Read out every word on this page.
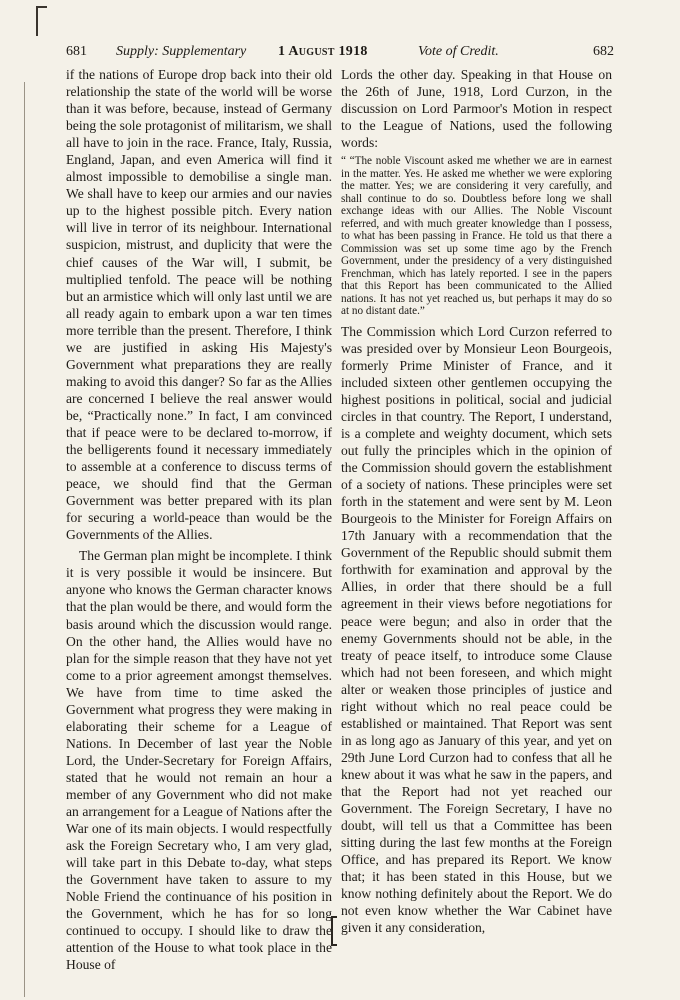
681 Supply: Supplementary 1 August 1918	Vote of Credit.	682

if the nations of Europe drop back into their old relationship the state of the world will be worse than it was before, because, instead of Germany being the sole protagonist of militarism, we shall all have to join in the race. France, Italy, Russia, England, Japan, and even America will find it almost impossible to demobilise a single man. We shall have to keep our armies and our navies up to the highest possible pitch. Every nation will live in terror of its neighbour. International suspicion, mistrust, and duplicity that were the chief causes of the War will, I submit, be multiplied tenfold. The peace will be nothing but an armistice which will only last until we are all ready again to embark upon a war ten times more terrible than the present. Therefore, I think we are justified in asking His Majesty's Government what preparations they are really making to avoid this danger? So far as the Allies are concerned I believe the real answer would be, “Practically none.” In fact, I am convinced that if peace were to be declared to-morrow, if the belligerents found it necessary immediately to assemble at a conference to discuss terms of peace, we should find that the German Government was better prepared with its plan for securing a world-peace than would be the Governments of the Allies.

The German plan might be incomplete. I think it is very possible it would be insincere. But anyone who knows the German character knows that the plan would be there, and would form the basis around which the discussion would range. On the other hand, the Allies would have no plan for the simple reason that they have not yet come to a prior agreement amongst themselves. We have from time to time asked the Government what progress they were making in elaborating their scheme for a League of Nations. In December of last year the Noble Lord, the Under-Secretary for Foreign Affairs, stated that he would not remain an hour a member of any Government who did not make an arrangement for a League of Nations after the War one of its main objects. I would respectfully ask the Foreign Secretary who, I am very glad, will take part in this Debate to-day, what steps the Government have taken to assure to my Noble Friend the continuance of his position in the Government, which he has for so long continued to occupy. I should like to draw the attention of the House to what took place in the House of

Lords the other day. Speaking in that House on the 26th of June, 1918, Lord Curzon, in the discussion on Lord Parmoor's Motion in respect to the League of Nations, used the following words:

“ “The noble Viscount asked me whether we are in earnest in the matter. Yes. He asked me whether we were exploring the matter. Yes; we are considering it very carefully, and shall continue to do so. Doubtless before long we shall exchange ideas with our Allies. The Noble Viscount referred, and with much greater knowledge than I possess, to what has been passing in France. He told us that there a Commission was set up some time ago by the French Government, under the presidency of a very distinguished Frenchman, which has lately reported. I see in the papers that this Report has been communicated to the Allied nations. It has not yet reached us, but perhaps it may do so at no distant date.”

The Commission which Lord Curzon referred to was presided over by Monsieur Leon Bourgeois, formerly Prime Minister of France, and it included sixteen other gentlemen occupying the highest positions in political, social and judicial circles in that country. The Report, I understand, is a complete and weighty document, which sets out fully the principles which in the opinion of the Commission should govern the establishment of a society of nations. These principles were set forth in the statement and were sent by M. Leon Bourgeois to the Minister for Foreign Affairs on 17th January with a recommendation that the Government of the Republic should submit them forthwith for examination and approval by the Allies, in order that there should be a full agreement in their views before negotiations for peace were begun; and also in order that the enemy Governments should not be able, in the treaty of peace itself, to introduce some Clause which had not been foreseen, and which might alter or weaken those principles of justice and right without which no real peace could be established or maintained. That Report was sent in as long ago as January of this year, and yet on 29th June Lord Curzon had to confess that all he knew about it was what he saw in the papers, and that the Report had not yet reached our Government. The Foreign Secretary, I have no doubt, will tell us that a Committee has been sitting during the last few months at the Foreign Office, and has prepared its Report. We know that; it has been stated in this House, but we know nothing definitely about the Report. We do not even know whether the War Cabinet have given it any consideration,
